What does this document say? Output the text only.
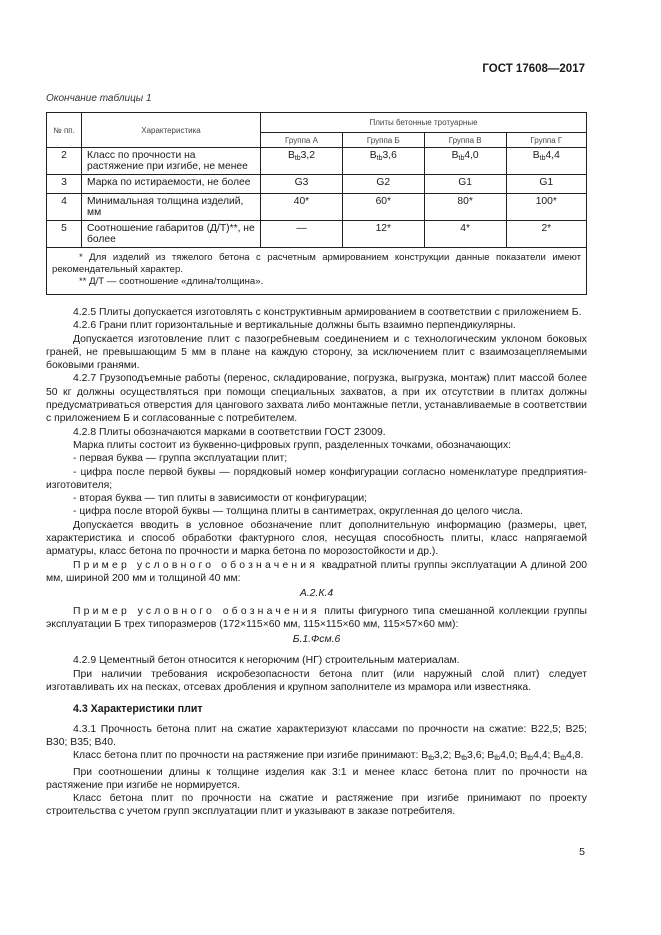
ГОСТ 17608—2017
Окончание таблицы 1
№ пп.	Характеристика	Плиты бетонные тротуарные			
		Группа А	Группа Б	Группа В	Группа Г
2	Класс по прочности на растяжение при изгибе, не менее	$B_{tb}3,2$	$B_{tb}3,6$	$B_{tb}4,0$	$B_{tb}4,4$
3	Марка по истираемости, не более	G3	G2	G1	G1
4	Минимальная толщина изделий, мм	40*	60*	80*	100*
5	Соотношение габаритов (Д/Т)**, не более	—	12*	4*	2*

* Для изделий из тяжелого бетона с расчетным армированием конструкции данные показатели имеют рекомендательный характер.
** Д/Т — соотношение «длина/толщина».					

4.2.5 Плиты допускается изготовлять с конструктивным армированием в соответствии с приложением Б.

4.2.6 Грани плит горизонтальные и вертикальные должны быть взаимно перпендикулярны.

Допускается изготовление плит с пазогребневым соединением и с технологическим уклоном боковых граней, не превышающим 5 мм в плане на каждую сторону, за исключением плит с взаимозацепляемыми боковыми гранями.

4.2.7 Грузоподъемные работы (перенос, складирование, погрузка, выгрузка, монтаж) плит массой более 50 кг должны осуществляться при помощи специальных захватов, а при их отсутствии в плитах должны предусматриваться отверстия для цангового захвата либо монтажные петли, устанавливаемые в соответствии с приложением Б и согласованные с потребителем.

4.2.8 Плиты обозначаются марками в соответствии ГОСТ 23009.

Марка плиты состоит из буквенно-цифровых групп, разделенных точками, обозначающих:

- первая буква — группа эксплуатации плит;

- цифра после первой буквы — порядковый номер конфигурации согласно номенклатуре предприятия-изготовителя;

- вторая буква — тип плиты в зависимости от конфигурации;

- цифра после второй буквы — толщина плиты в сантиметрах, округленная до целого числа.

Допускается вводить в условное обозначение плит дополнительную информацию (размеры, цвет, характеристика и способ обработки фактурного слоя, несущая способность плиты, класс напрягаемой арматуры, класс бетона по прочности и марка бетона по морозостойкости и др.).

Пример условного обозначения квадратной плиты группы эксплуатации А длиной 200 мм, шириной 200 мм и толщиной 40 мм:

А.2.К.4

Пример условного обозначения плиты фигурного типа смешанной коллекции группы эксплуатации Б трех типоразмеров (172×115×60 мм, 115×115×60 мм, 115×57×60 мм):

Б.1.Фсм.6

4.2.9 Цементный бетон относится к негорючим (НГ) строительным материалам.

При наличии требования искробезопасности бетона плит (или наружный слой плит) следует изготавливать их на песках, отсевах дробления и крупном заполнителе из мрамора или известняка.

4.3 Характеристики плит

4.3.1 Прочность бетона плит на сжатие характеризуют классами по прочности на сжатие: B22,5; B25; B30; B35; B40.

Класс бетона плит по прочности на растяжение при изгибе принимают: $B_{tb}3,2$; $B_{tb}3,6$; $B_{tb}4,0$; $B_{tb}4,4$; $B_{tb}4,8$.

При соотношении длины к толщине изделия как 3:1 и менее класс бетона плит по прочности на растяжение при изгибе не нормируется.

Класс бетона плит по прочности на сжатие и растяжение при изгибе принимают по проекту строительства с учетом групп эксплуатации плит и указывают в заказе потребителя.

5
